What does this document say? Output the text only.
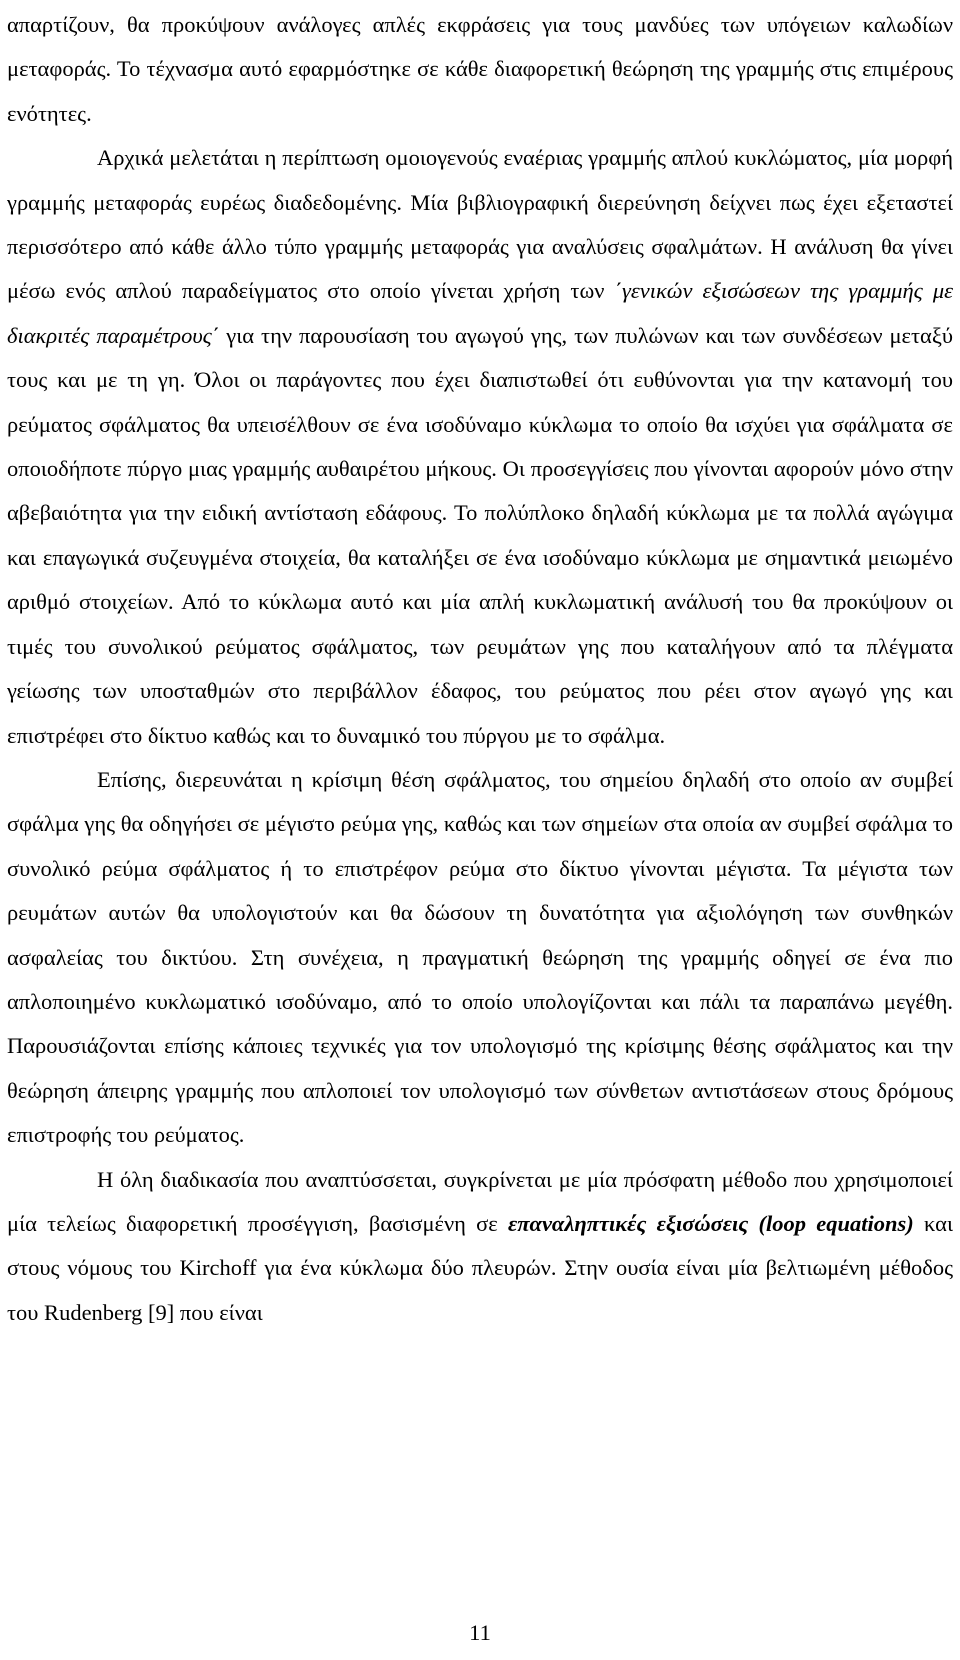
απαρτίζουν, θα προκύψουν ανάλογες απλές εκφράσεις για τους μανδύες των υπόγειων καλωδίων μεταφοράς. Το τέχνασμα αυτό εφαρμόστηκε σε κάθε διαφορετική θεώρηση της γραμμής στις επιμέρους ενότητες.

Αρχικά μελετάται η περίπτωση ομοιογενούς εναέριας γραμμής απλού κυκλώματος, μία μορφή γραμμής μεταφοράς ευρέως διαδεδομένης. Μία βιβλιογραφική διερεύνηση δείχνει πως έχει εξεταστεί περισσότερο από κάθε άλλο τύπο γραμμής μεταφοράς για αναλύσεις σφαλμάτων. Η ανάλυση θα γίνει μέσω ενός απλού παραδείγματος στο οποίο γίνεται χρήση των ΄γενικών εξισώσεων της γραμμής με διακριτές παραμέτρους΄ για την παρουσίαση του αγωγού γης, των πυλώνων και των συνδέσεων μεταξύ τους και με τη γη. Όλοι οι παράγοντες που έχει διαπιστωθεί ότι ευθύνονται για την κατανομή του ρεύματος σφάλματος θα υπεισέλθουν σε ένα ισοδύναμο κύκλωμα το οποίο θα ισχύει για σφάλματα σε οποιοδήποτε πύργο μιας γραμμής αυθαιρέτου μήκους. Οι προσεγγίσεις που γίνονται αφορούν μόνο στην αβεβαιότητα για την ειδική αντίσταση εδάφους. Το πολύπλοκο δηλαδή κύκλωμα με τα πολλά αγώγιμα και επαγωγικά συζευγμένα στοιχεία, θα καταλήξει σε ένα ισοδύναμο κύκλωμα με σημαντικά μειωμένο αριθμό στοιχείων. Από το κύκλωμα αυτό και μία απλή κυκλωματική ανάλυσή του θα προκύψουν οι τιμές του συνολικού ρεύματος σφάλματος, των ρευμάτων γης που καταλήγουν από τα πλέγματα γείωσης των υποσταθμών στο περιβάλλον έδαφος, του ρεύματος που ρέει στον αγωγό γης και επιστρέφει στο δίκτυο καθώς και το δυναμικό του πύργου με το σφάλμα.

Επίσης, διερευνάται η κρίσιμη θέση σφάλματος, του σημείου δηλαδή στο οποίο αν συμβεί σφάλμα γης θα οδηγήσει σε μέγιστο ρεύμα γης, καθώς και των σημείων στα οποία αν συμβεί σφάλμα το συνολικό ρεύμα σφάλματος ή το επιστρέφον ρεύμα στο δίκτυο γίνονται μέγιστα. Τα μέγιστα των ρευμάτων αυτών θα υπολογιστούν και θα δώσουν τη δυνατότητα για αξιολόγηση των συνθηκών ασφαλείας του δικτύου. Στη συνέχεια, η πραγματική θεώρηση της γραμμής οδηγεί σε ένα πιο απλοποιημένο κυκλωματικό ισοδύναμο, από το οποίο υπολογίζονται και πάλι τα παραπάνω μεγέθη. Παρουσιάζονται επίσης κάποιες τεχνικές για τον υπολογισμό της κρίσιμης θέσης σφάλματος και την θεώρηση άπειρης γραμμής που απλοποιεί τον υπολογισμό των σύνθετων αντιστάσεων στους δρόμους επιστροφής του ρεύματος.

Η όλη διαδικασία που αναπτύσσεται, συγκρίνεται με μία πρόσφατη μέθοδο που χρησιμοποιεί μία τελείως διαφορετική προσέγγιση, βασισμένη σε επαναληπτικές εξισώσεις (loop equations) και στους νόμους του Kirchoff για ένα κύκλωμα δύο πλευρών. Στην ουσία είναι μία βελτιωμένη μέθοδος του Rudenberg [9] που είναι

11
